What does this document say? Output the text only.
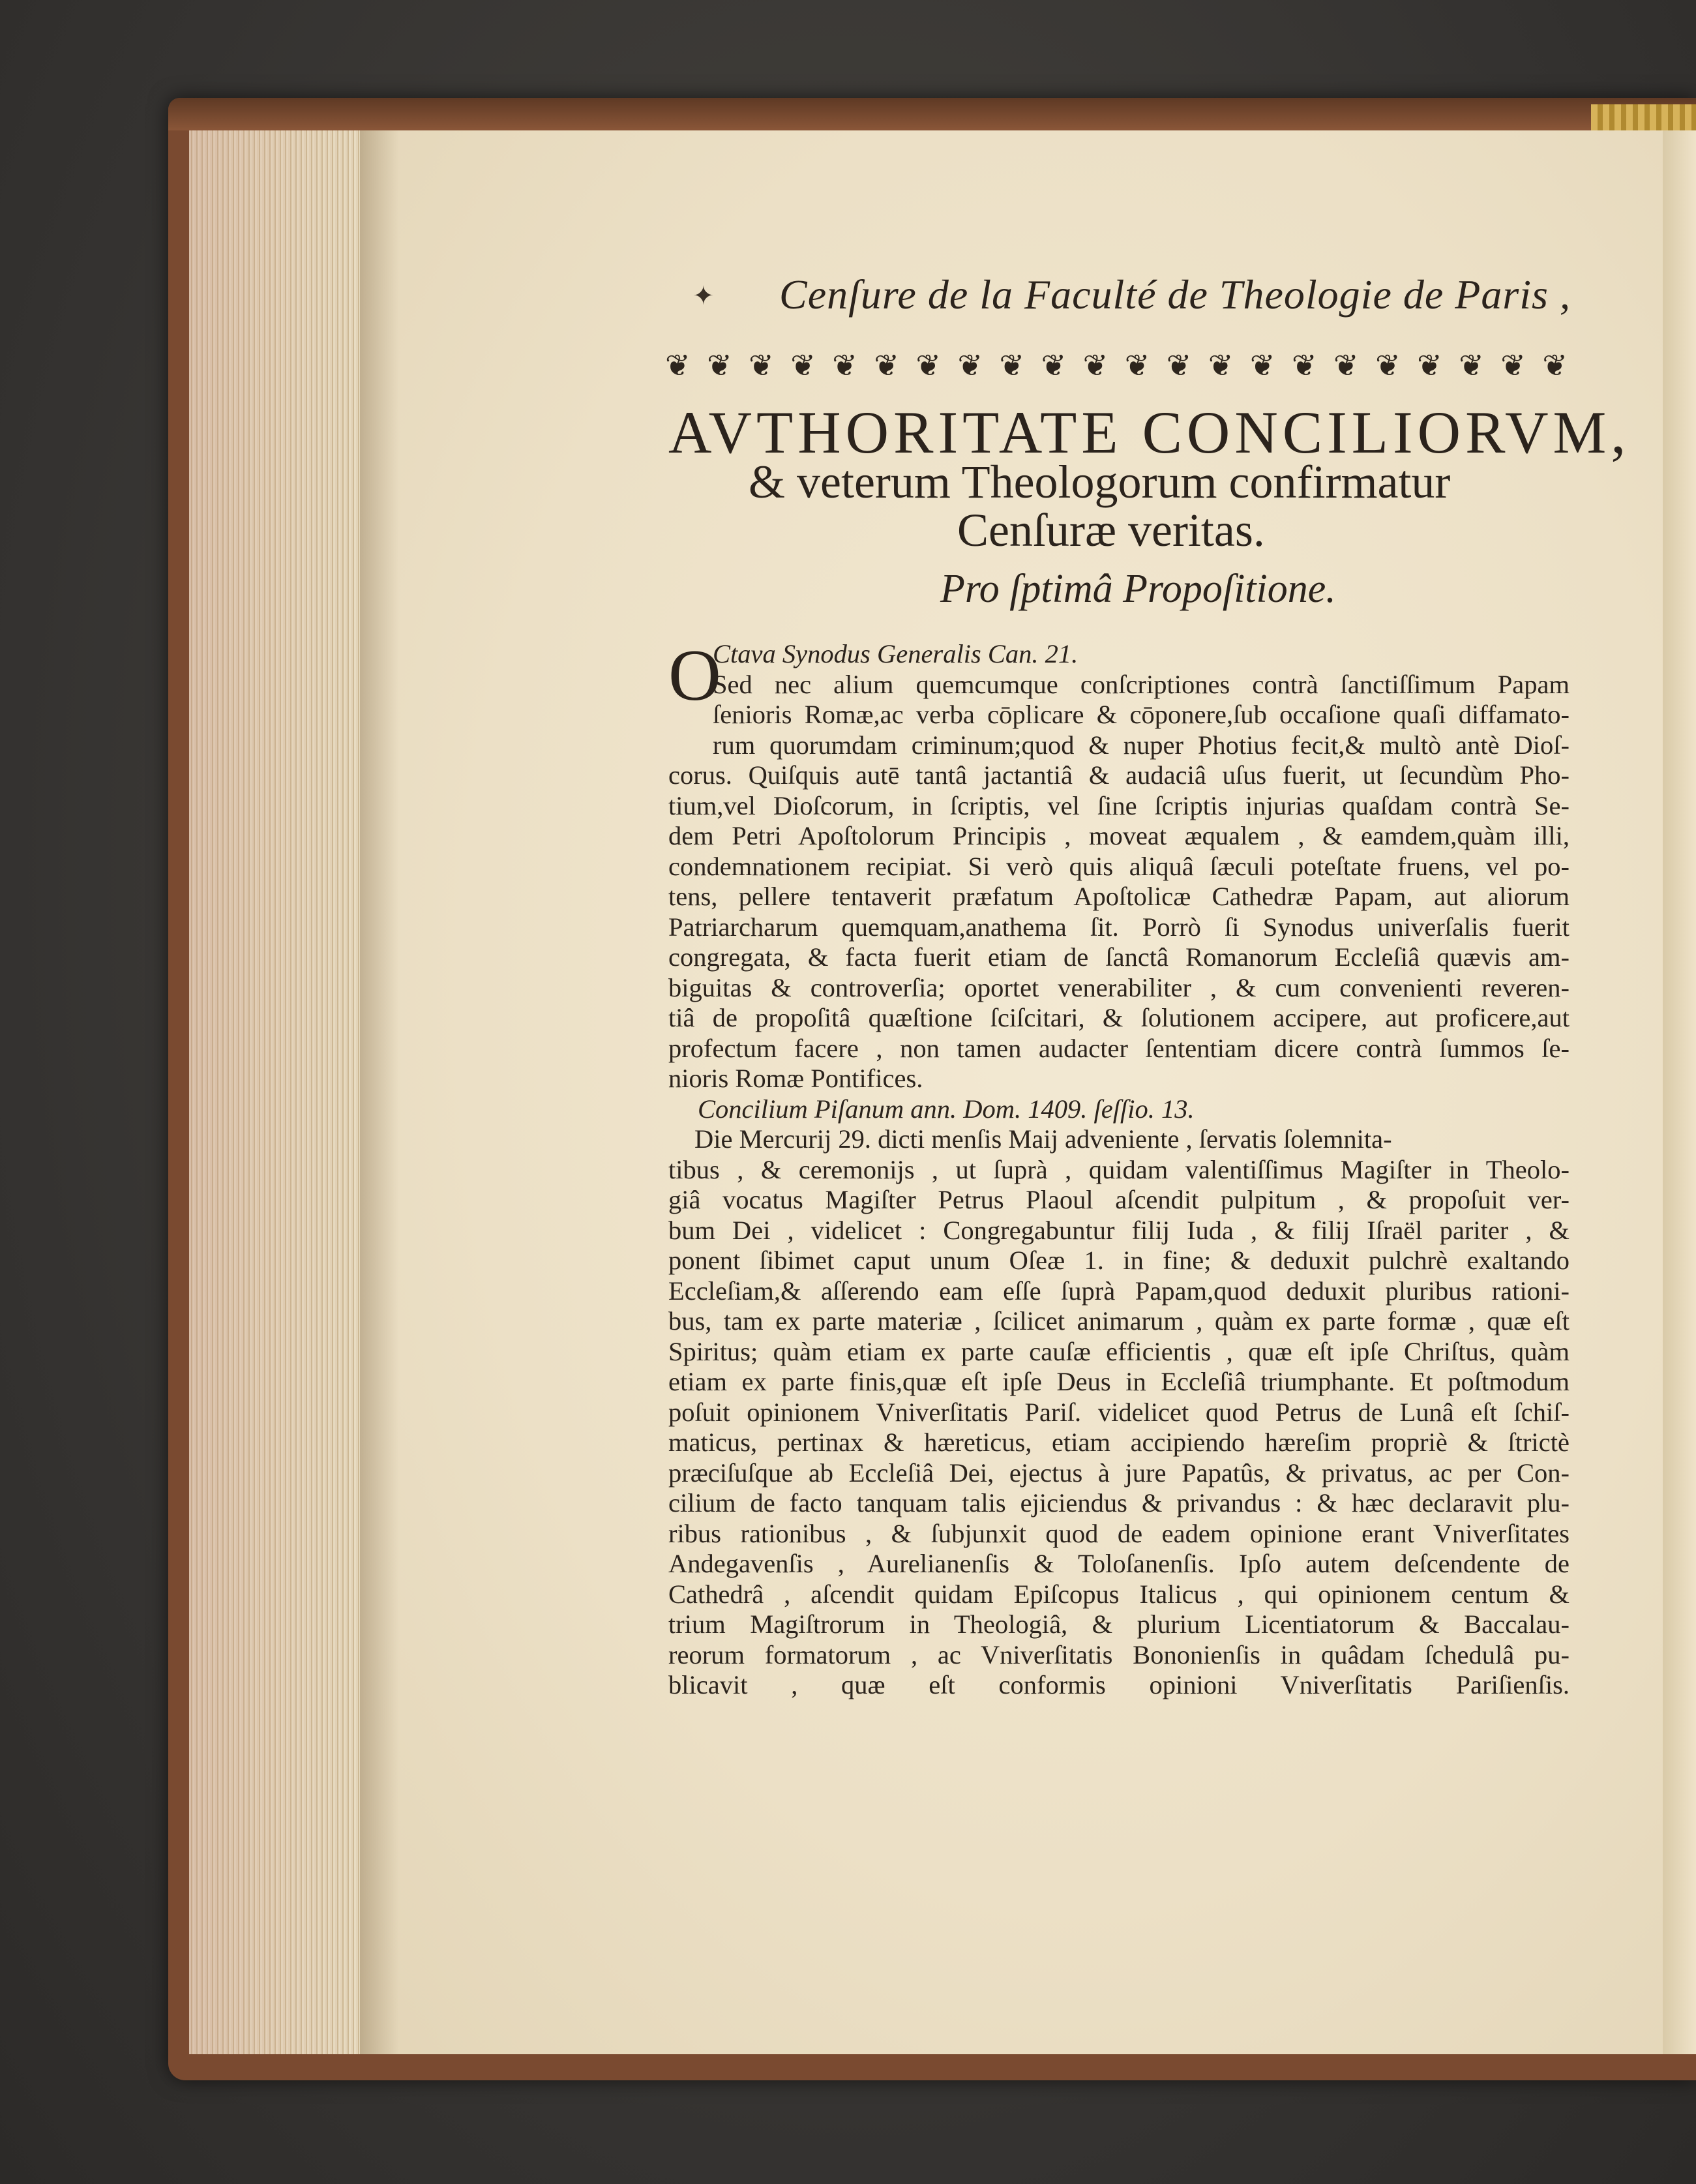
✦ Cenſure de la Faculté de Theologie de Paris ,
❦ ❦ ❦ ❦ ❦ ❦ ❦ ❦ ❦ ❦ ❦ ❦ ❦ ❦ ❦ ❦ ❦ ❦ ❦ ❦ ❦ ❦
AVTHORITATE CONCILIORVM,
& veterum Theologorum confirmatur
Cenſuræ veritas.
Pro ſptimâ Propoſitione.
O
Ctava Synodus Generalis Can. 21.
Sed nec alium quemcumque conſcriptiones contrà ſanctiſſimum Papam
ſenioris Romæ,ac verba cōplicare & cōponere,ſub occaſione quaſi diffamato-
rum quorumdam criminum;quod & nuper Photius fecit,& multò antè Dioſ-
corus. Quiſquis autē tantâ jactantiâ & audaciâ uſus fuerit, ut ſecundùm Pho-
tium,vel Dioſcorum, in ſcriptis, vel ſine ſcriptis injurias quaſdam contrà Se-
dem Petri Apoſtolorum Principis , moveat æqualem , & eamdem,quàm illi,
condemnationem recipiat. Si verò quis aliquâ ſæculi poteſtate fruens, vel po-
tens, pellere tentaverit præfatum Apoſtolicæ Cathedræ Papam, aut aliorum
Patriarcharum quemquam,anathema ſit. Porrò ſi Synodus univerſalis fuerit
congregata, & facta fuerit etiam de ſanctâ Romanorum Eccleſiâ quævis am-
biguitas & controverſia; oportet venerabiliter , & cum convenienti reveren-
tiâ de propoſitâ quæſtione ſciſcitari, & ſolutionem accipere, aut proficere,aut
profectum facere , non tamen audacter ſententiam dicere contrà ſummos ſe-
nioris Romæ Pontifices.
Concilium Piſanum ann. Dom. 1409. ſeſſio. 13.
Die Mercurij 29. dicti menſis Maij adveniente , ſervatis ſolemnita-
tibus , & ceremonijs , ut ſuprà , quidam valentiſſimus Magiſter in Theolo-
giâ vocatus Magiſter Petrus Plaoul aſcendit pulpitum , & propoſuit ver-
bum Dei , videlicet : Congregabuntur filij Iuda , & filij Iſraël pariter , &
ponent ſibimet caput unum Oſeæ 1. in fine; & deduxit pulchrè exaltando
Eccleſiam,& aſſerendo eam eſſe ſuprà Papam,quod deduxit pluribus rationi-
bus, tam ex parte materiæ , ſcilicet animarum , quàm ex parte formæ , quæ eſt
Spiritus; quàm etiam ex parte cauſæ efficientis , quæ eſt ipſe Chriſtus, quàm
etiam ex parte finis,quæ eſt ipſe Deus in Eccleſiâ triumphante. Et poſtmodum
poſuit opinionem Vniverſitatis Pariſ. videlicet quod Petrus de Lunâ eſt ſchiſ-
maticus, pertinax & hæreticus, etiam accipiendo hæreſim propriè & ſtrictè
præciſuſque ab Eccleſiâ Dei, ejectus à jure Papatûs, & privatus, ac per Con-
cilium de facto tanquam talis ejiciendus & privandus : & hæc declaravit plu-
ribus rationibus , & ſubjunxit quod de eadem opinione erant Vniverſitates
Andegavenſis , Aurelianenſis & Toloſanenſis. Ipſo autem deſcendente de
Cathedrâ , aſcendit quidam Epiſcopus Italicus , qui opinionem centum &
trium Magiſtrorum in Theologiâ, & plurium Licentiatorum & Baccalau-
reorum formatorum , ac Vniverſitatis Bononienſis in quâdam ſchedulâ pu-
blicavit , quæ eſt conformis opinioni Vniverſitatis Pariſienſis.
